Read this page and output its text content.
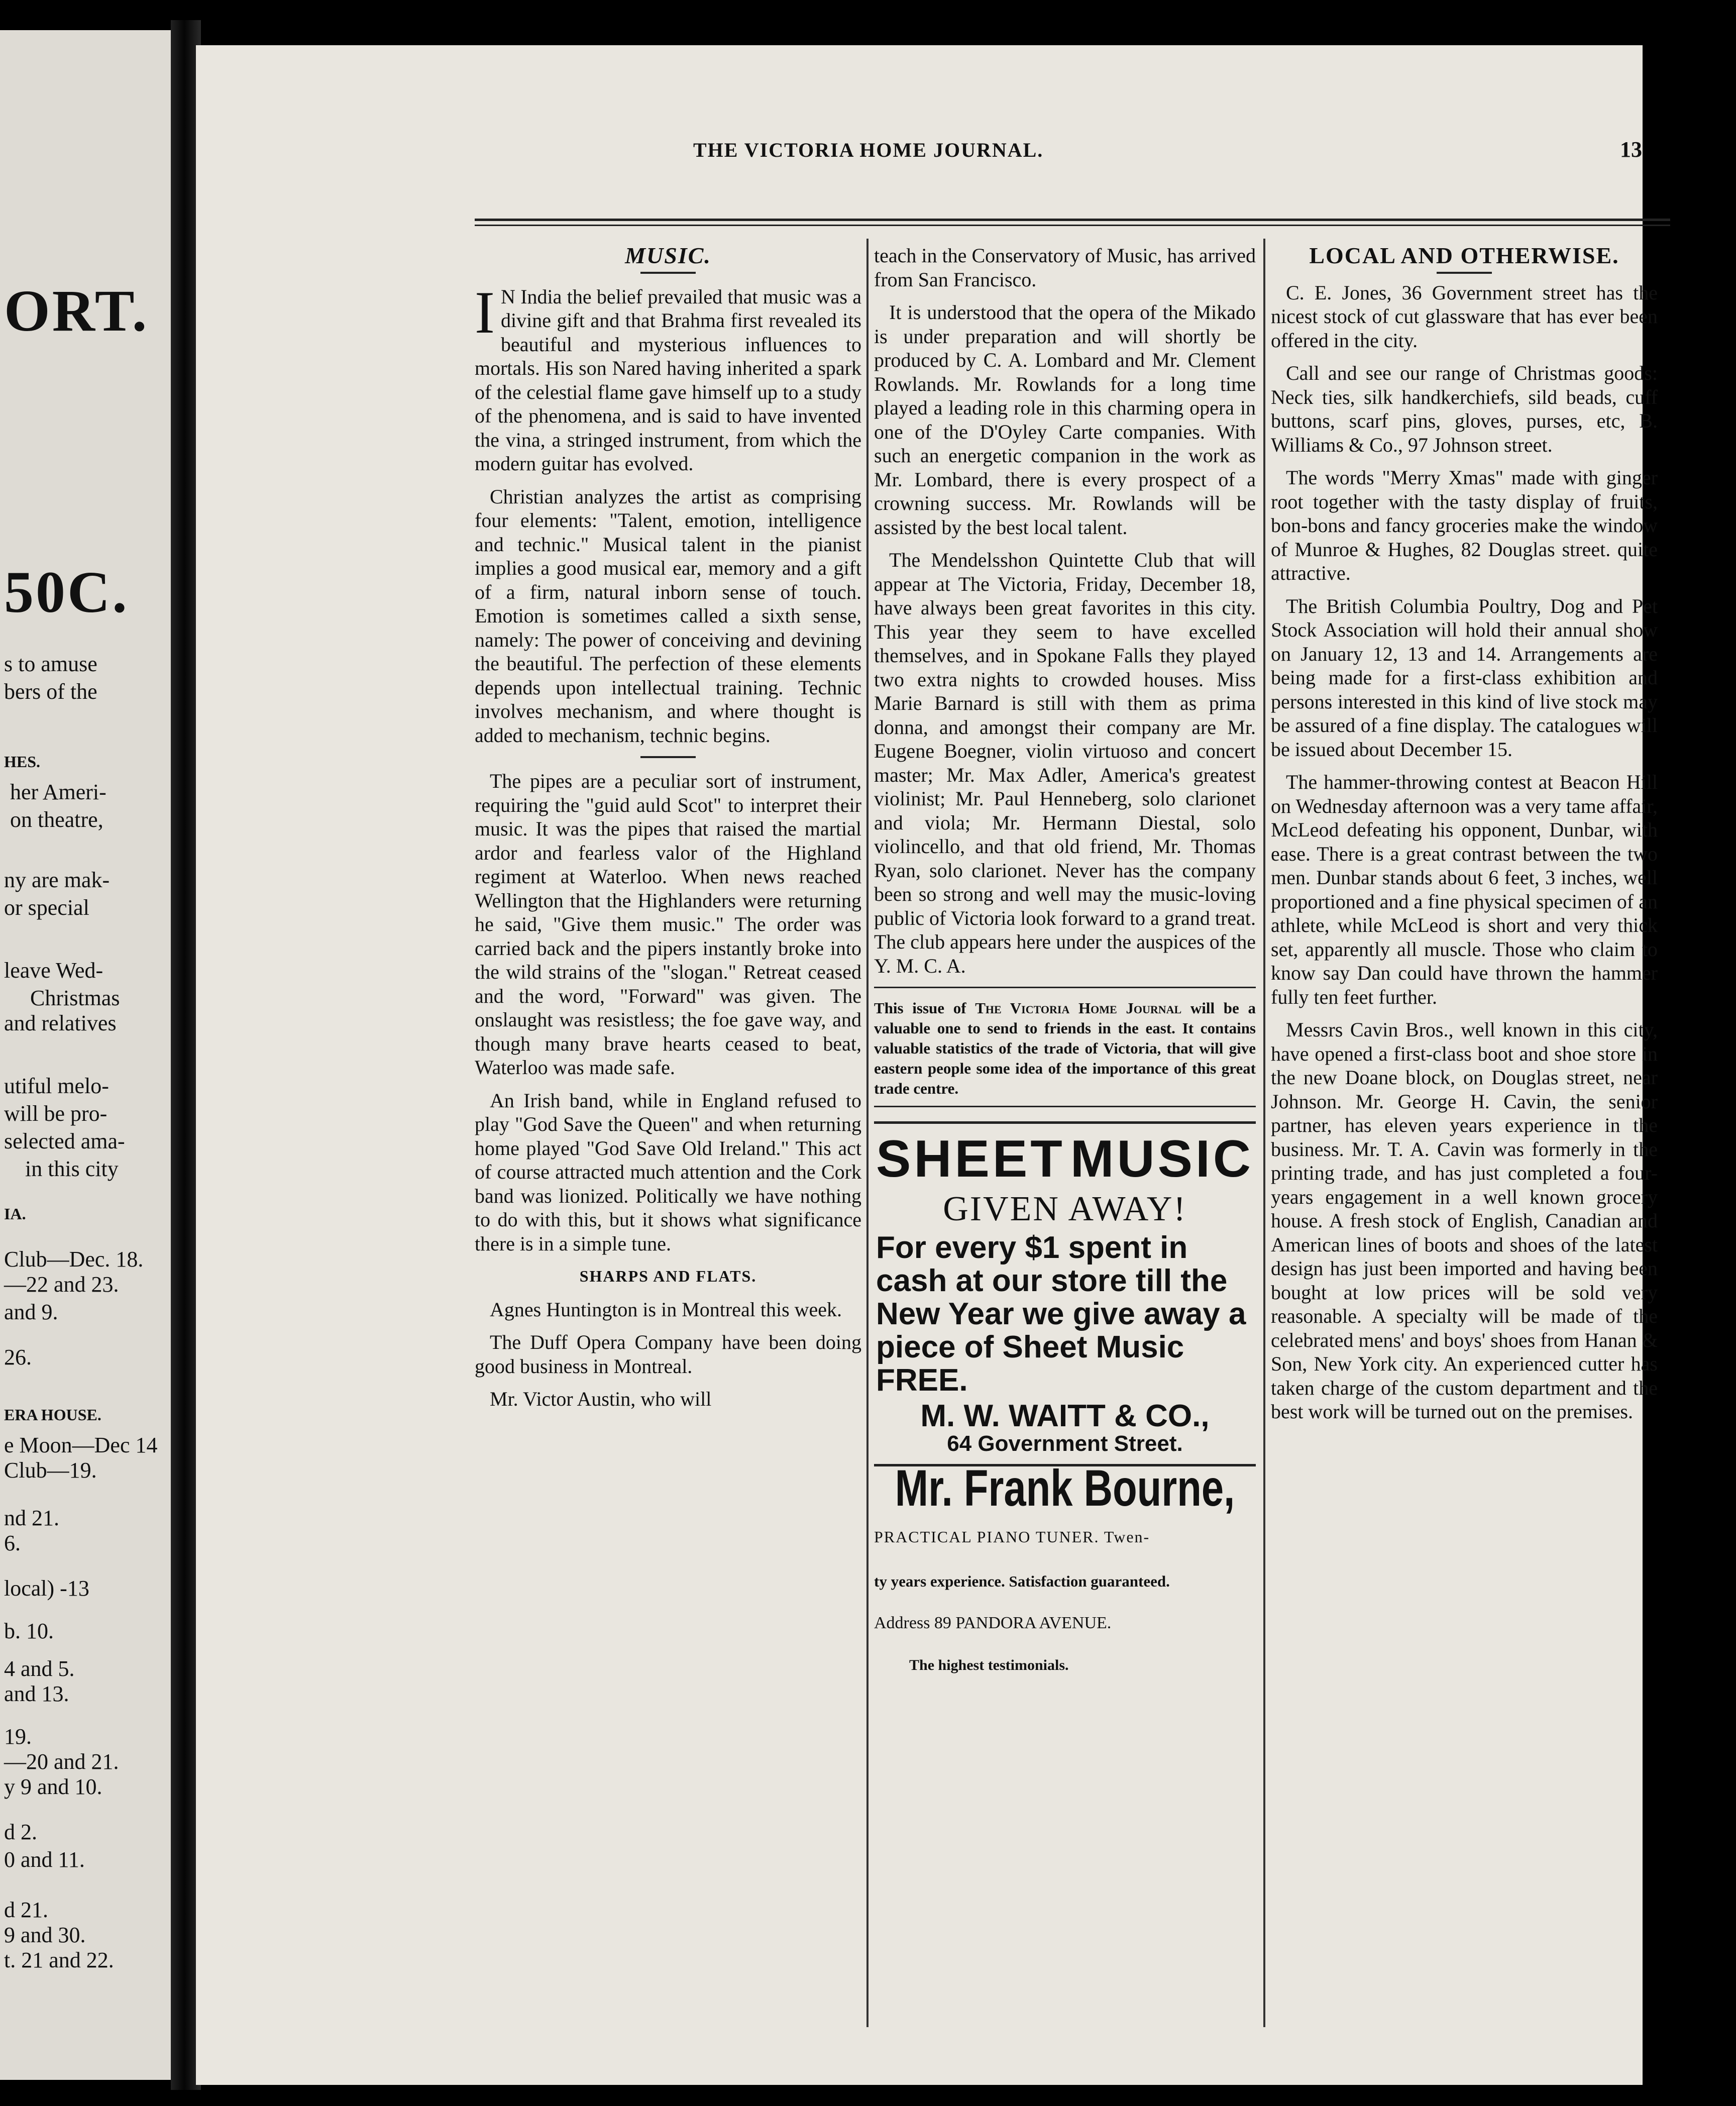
ORT.
50C.
s to amuse
bers of the
HES.
her Ameri-
on theatre,
ny are mak-
or special
leave Wed-
Christmas
and relatives
utiful melo-
will be pro-
selected ama-
in this city
IA.
Club—Dec. 18.
—22 and 23.
and 9.
26.
ERA HOUSE.
e Moon—Dec 14
Club—19.
nd 21.
6.
local) -13
b. 10.
4 and 5.
and 13.
19.
—20 and 21.
y 9 and 10.
d 2.
0 and 11.
d 21.
9 and 30.
t. 21 and 22.
THE VICTORIA HOME JOURNAL.	13
MUSIC.

I N India the belief prevailed that music was a divine gift and that Brahma first revealed its beautiful and mysterious influences to mortals. His son Nared having inherited a spark of the celestial flame gave himself up to a study of the phenomena, and is said to have invented the vina, a stringed instrument, from which the modern guitar has evolved.

Christian analyzes the artist as comprising four elements: "Talent, emotion, intelligence and technic." Musical talent in the pianist implies a good musical ear, memory and a gift of a firm, natural inborn sense of touch. Emotion is sometimes called a sixth sense, namely: The power of conceiving and devining the beautiful. The perfection of these elements depends upon intellectual training. Technic involves mechanism, and where thought is added to mechanism, technic begins.

The pipes are a peculiar sort of instrument, requiring the "guid auld Scot" to interpret their music. It was the pipes that raised the martial ardor and fearless valor of the Highland regiment at Waterloo. When news reached Wellington that the Highlanders were returning he said, "Give them music." The order was carried back and the pipers instantly broke into the wild strains of the "slogan." Retreat ceased and the word, "Forward" was given. The onslaught was resistless; the foe gave way, and though many brave hearts ceased to beat, Waterloo was made safe.

An Irish band, while in England refused to play "God Save the Queen" and when returning home played "God Save Old Ireland." This act of course attracted much attention and the Cork band was lionized. Politically we have nothing to do with this, but it shows what significance there is in a simple tune.

SHARPS AND FLATS.

Agnes Huntington is in Montreal this week.

The Duff Opera Company have been doing good business in Montreal.

Mr. Victor Austin, who will

teach in the Conservatory of Music, has arrived from San Francisco.

It is understood that the opera of the Mikado is under preparation and will shortly be produced by C. A. Lombard and Mr. Clement Rowlands. Mr. Rowlands for a long time played a leading role in this charming opera in one of the D'Oyley Carte companies. With such an energetic companion in the work as Mr. Lombard, there is every prospect of a crowning success. Mr. Rowlands will be assisted by the best local talent.

The Mendelsshon Quintette Club that will appear at The Victoria, Friday, December 18, have always been great favorites in this city. This year they seem to have excelled themselves, and in Spokane Falls they played two extra nights to crowded houses. Miss Marie Barnard is still with them as prima donna, and amongst their company are Mr. Eugene Boegner, violin virtuoso and concert master; Mr. Max Adler, America's greatest violinist; Mr. Paul Henneberg, solo clarionet and viola; Mr. Hermann Diestal, solo violincello, and that old friend, Mr. Thomas Ryan, solo clarionet. Never has the company been so strong and well may the music-loving public of Victoria look forward to a grand treat. The club appears here under the auspices of the Y. M. C. A.

This issue of The Victoria Home Journal will be a valuable one to send to friends in the east. It contains valuable statistics of the trade of Victoria, that will give eastern people some idea of the importance of this great trade centre.
SHEET MUSIC
GIVEN AWAY!
For every $1 spent in cash at our store till the New Year we give away a piece of Sheet Music FREE.
M. W. WAITT & CO.,
64 Government Street.
Mr. Frank Bourne,
PRACTICAL PIANO TUNER. Twen-
ty years experience. Satisfaction guaranteed.
Address 89 PANDORA AVENUE.
The highest testimonials.
LOCAL AND OTHERWISE.

C. E. Jones, 36 Government street has the nicest stock of cut glassware that has ever been offered in the city.

Call and see our range of Christmas goods: Neck ties, silk handkerchiefs, sild beads, cuff buttons, scarf pins, gloves, purses, etc, B. Williams & Co., 97 Johnson street.

The words "Merry Xmas" made with ginger root together with the tasty display of fruits, bon-bons and fancy groceries make the window of Munroe & Hughes, 82 Douglas street. quite attractive.

The British Columbia Poultry, Dog and Pet Stock Association will hold their annual show on January 12, 13 and 14. Arrangements are being made for a first-class exhibition and persons interested in this kind of live stock may be assured of a fine display. The catalogues will be issued about December 15.

The hammer-throwing contest at Beacon Hill on Wednesday afternoon was a very tame affair, McLeod defeating his opponent, Dunbar, with ease. There is a great contrast between the two men. Dunbar stands about 6 feet, 3 inches, well proportioned and a fine physical specimen of an athlete, while McLeod is short and very thick set, apparently all muscle. Those who claim to know say Dan could have thrown the hammer fully ten feet further.

Messrs Cavin Bros., well known in this city, have opened a first-class boot and shoe store in the new Doane block, on Douglas street, near Johnson. Mr. George H. Cavin, the senior partner, has eleven years experience in the business. Mr. T. A. Cavin was formerly in the printing trade, and has just completed a four-years engagement in a well known grocery house. A fresh stock of English, Canadian and American lines of boots and shoes of the latest design has just been imported and having been bought at low prices will be sold very reasonable. A specialty will be made of the celebrated mens' and boys' shoes from Hanan & Son, New York city. An experienced cutter has taken charge of the custom department and the best work will be turned out on the premises.
